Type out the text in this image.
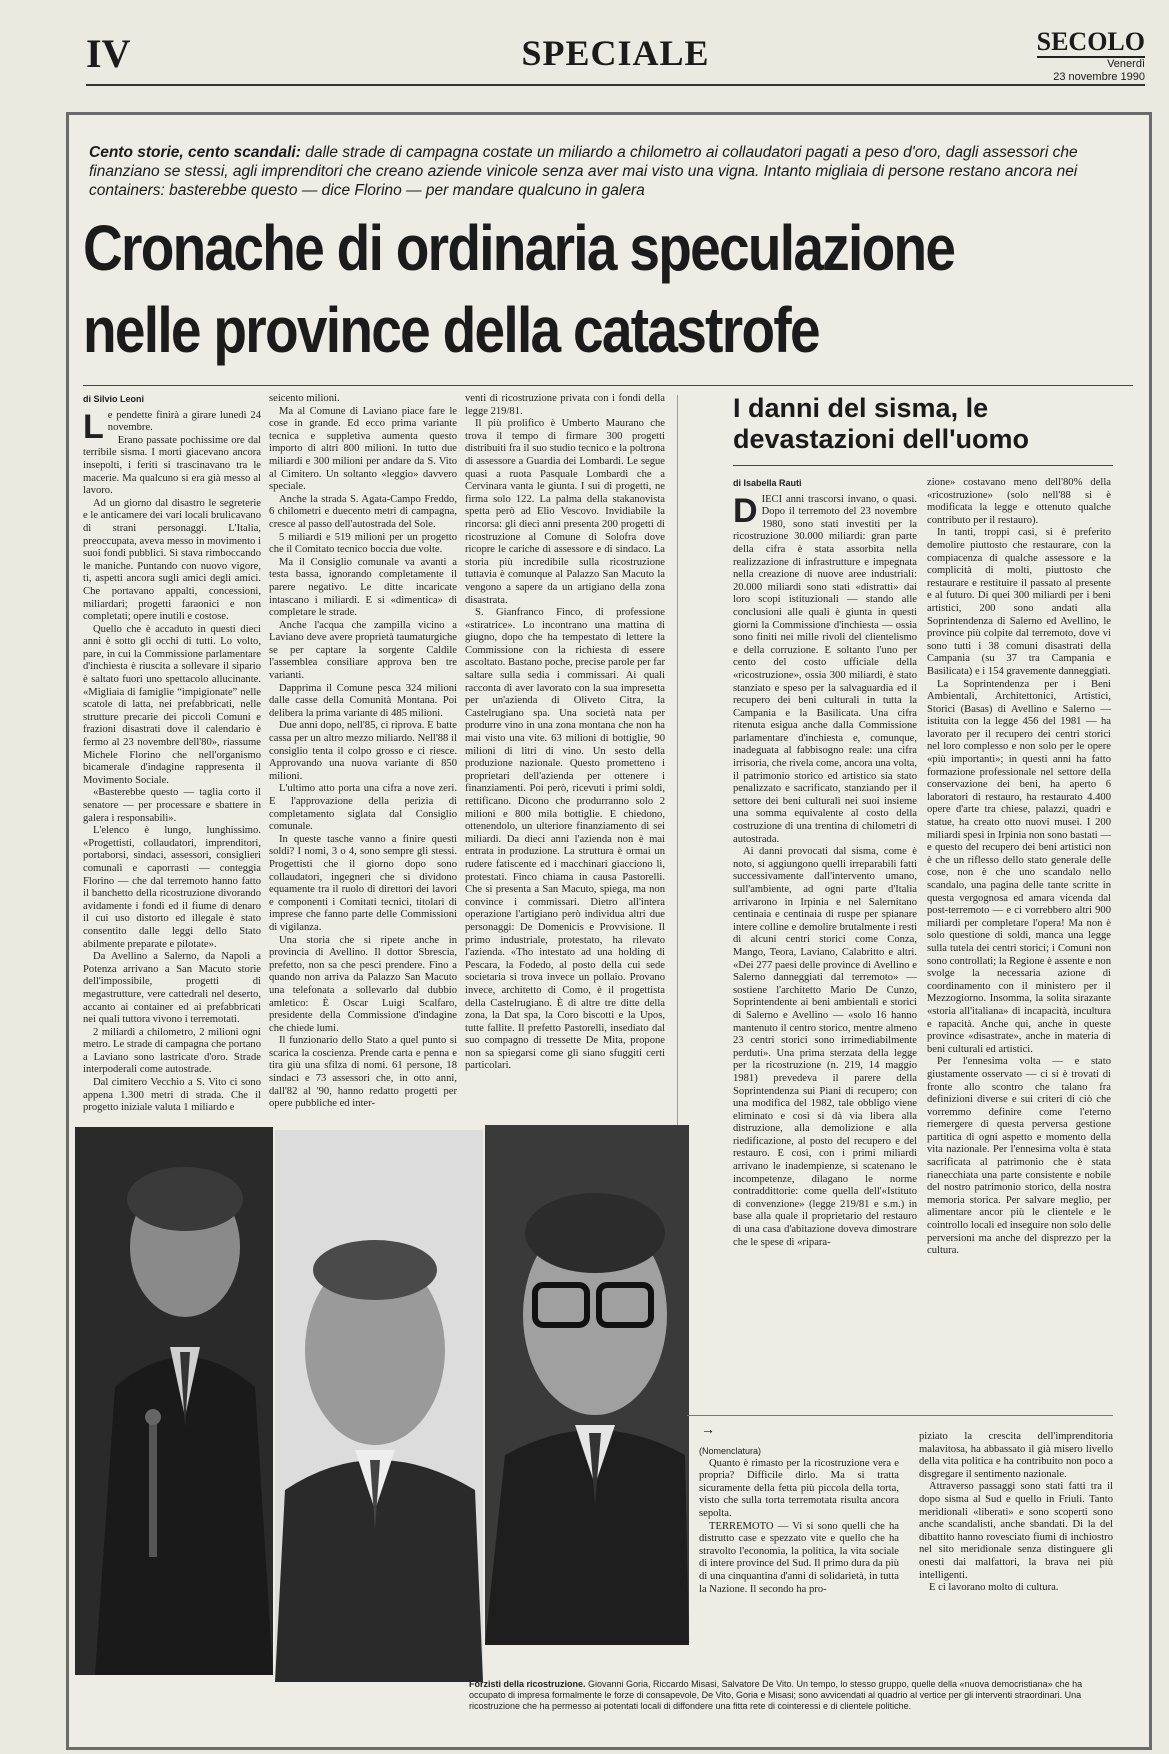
IV	SPECIALE	SECOLO
Venerdì
23 novembre 1990
Cento storie, cento scandali: dalle strade di campagna costate un miliardo a chilometro ai collaudatori pagati a peso d'oro, dagli assessori che finanziano se stessi, agli imprenditori che creano aziende vinicole senza aver mai visto una vigna. Intanto migliaia di persone restano ancora nei containers: basterebbe questo — dice Florino — per mandare qualcuno in galera
Cronache di ordinaria speculazione
nelle province della catastrofe
di Silvio Leoni

Le pendette finirà a girare lunedì 24 novembre.

Erano passate pochissime ore dal terribile sisma. I morti giacevano ancora insepolti, i feriti si trascinavano tra le macerie. Ma qualcuno si era già messo al lavoro.

Ad un giorno dal disastro le segreterie e le anticamere dei vari locali brulicavano di strani personaggi. L'Italia, preoccupata, aveva messo in movimento i suoi fondi pubblici. Si stava rimboccando le maniche. Puntando con nuovo vigore, ti, aspetti ancora sugli amici degli amici. Che portavano appalti, concessioni, miliardari; progetti faraonici e non completati; opere inutili e costose.

Quello che è accaduto in questi dieci anni è sotto gli occhi di tutti. Lo volto, pare, in cui la Commissione parlamentare d'inchiesta è riuscita a sollevare il sipario è saltato fuori uno spettacolo allucinante. «Migliaia di famiglie “impigionate” nelle scatole di latta, nei prefabbricati, nelle strutture precarie dei piccoli Comuni e frazioni disastrati dove il calendario è fermo al 23 novembre dell'80», riassume Michele Florino che nell'organismo bicamerale d'indagine rappresenta il Movimento Sociale.

«Basterebbe questo — taglia corto il senatore — per processare e sbattere in galera i responsabili».

L'elenco è lungo, lunghissimo. «Progettisti, collaudatori, imprenditori, portaborsi, sindaci, assessori, consiglieri comunali e caporrasti — conteggia Florino — che dal terremoto hanno fatto il banchetto della ricostruzione divorando avidamente i fondi ed il fiume di denaro il cui uso distorto ed illegale è stato consentito dalle leggi dello Stato abilmente preparate e pilotate».

Da Avellino a Salerno, da Napoli a Potenza arrivano a San Macuto storie dell'impossibile, progetti di megastrutture, vere cattedrali nel deserto, accanto ai container ed ai prefabbricati nei quali tuttora vivono i terremotati.

2 miliardi a chilometro, 2 milioni ogni metro. Le strade di campagna che portano a Laviano sono lastricate d'oro. Strade interpoderali come autostrade.

Dal cimitero Vecchio a S. Vito ci sono appena 1.300 metri di strada. Che il progetto iniziale valuta 1 miliardo e

seicento milioni.

Ma al Comune di Laviano piace fare le cose in grande. Ed ecco prima variante tecnica e suppletiva aumenta questo importo di altri 800 milioni. In tutto due miliardi e 300 milioni per andare da S. Vito al Cimitero. Un soltanto «leggio» davvero speciale.

Anche la strada S. Agata-Campo Freddo, 6 chilometri e duecento metri di campagna, cresce al passo dell'autostrada del Sole.

5 miliardi e 519 milioni per un progetto che il Comitato tecnico boccia due volte.

Ma il Consiglio comunale va avanti a testa bassa, ignorando completamente il parere negativo. Le ditte incaricate intascano i miliardi. E si «dimentica» di completare le strade.

Anche l'acqua che zampilla vicino a Laviano deve avere proprietà taumaturgiche se per captare la sorgente Caldile l'assemblea consiliare approva ben tre varianti.

Dapprima il Comune pesca 324 milioni dalle casse della Comunità Montana. Poi delibera la prima variante di 485 milioni.

Due anni dopo, nell'85, ci riprova. E batte cassa per un altro mezzo miliardo. Nell'88 il consiglio tenta il colpo grosso e ci riesce. Approvando una nuova variante di 850 milioni.

L'ultimo atto porta una cifra a nove zeri. E l'approvazione della perizia di completamento siglata dal Consiglio comunale.

In queste tasche vanno a finire questi soldi? I nomi, 3 o 4, sono sempre gli stessi. Progettisti che il giorno dopo sono collaudatori, ingegneri che si dividono equamente tra il ruolo di direttori dei lavori e componenti i Comitati tecnici, titolari di imprese che fanno parte delle Commissioni di vigilanza.

Una storia che si ripete anche in provincia di Avellino. Il dottor Sbrescia, prefetto, non sa che pesci prendere. Fino a quando non arriva da Palazzo San Macuto una telefonata a sollevarlo dal dubbio amletico: È Oscar Luigi Scalfaro, presidente della Commissione d'indagine che chiede lumi.

Il funzionario dello Stato a quel punto si scarica la coscienza. Prende carta e penna e tira giù una sfilza di nomi. 61 persone, 18 sindaci e 73 assessori che, in otto anni, dall'82 al '90, hanno redatto progetti per opere pubbliche ed inter-

venti di ricostruzione privata con i fondi della legge 219/81.

Il più prolifico è Umberto Maurano che trova il tempo di firmare 300 progetti distribuiti fra il suo studio tecnico e la poltrona di assessore a Guardia dei Lombardi. Le segue quasi a ruota Pasquale Lombardi che a Cervinara vanta le giunta. I sui di progetti, ne firma solo 122. La palma della stakanovista spetta però ad Elio Vescovo. Invidiabile la rincorsa: gli dieci anni presenta 200 progetti di ricostruzione al Comune di Solofra dove ricopre le cariche di assessore e di sindaco. La storia più incredibile sulla ricostruzione tuttavia è comunque al Palazzo San Macuto la vengono a sapere da un artigiano della zona disastrata.

S. Gianfranco Finco, di professione «stiratrice». Lo incontrano una mattina di giugno, dopo che ha tempestato di lettere la Commissione con la richiesta di essere ascoltato. Bastano poche, precise parole per far saltare sulla sedia i commissari. Ai quali racconta di aver lavorato con la sua impresetta per un'azienda di Oliveto Citra, la Castelrugiano spa. Una società nata per produrre vino in una zona montana che non ha mai visto una vite. 63 milioni di bottiglie, 90 milioni di litri di vino. Un sesto della produzione nazionale. Questo prometteno i proprietari dell'azienda per ottenere i finanziamenti. Poi però, ricevuti i primi soldi, rettificano. Dicono che produrranno solo 2 milioni e 800 mila bottiglie. E chiedono, ottenendolo, un ulteriore finanziamento di sei miliardi. Da dieci anni l'azienda non è mai entrata in produzione. La struttura è ormai un rudere fatiscente ed i macchinari giacciono lì, protestati. Finco chiama in causa Pastorelli. Che si presenta a San Macuto, spiega, ma non convince i commissari. Dietro all'intera operazione l'artigiano però individua altri due personaggi: De Domenicis e Provvisione. Il primo industriale, protestato, ha rilevato l'azienda. «Tho intestato ad una holding di Pescara, la Fodedo, al posto della cui sede societaria si trova invece un pollaio. Provano invece, architetto di Como, è il progettista della Castelrugiano. È di altre tre ditte della zona, la Dat spa, la Coro biscotti e la Upos, tutte fallite. Il prefetto Pastorelli, insediato dal suo compagno di tressette De Mita, propone non sa spiegarsi come gli siano sfuggiti certi particolari.

I danni del sisma, le devastazioni dell'uomo
di Isabella Rauti

DIECI anni trascorsi invano, o quasi. Dopo il terremoto del 23 novembre 1980, sono stati investiti per la ricostruzione 30.000 miliardi: gran parte della cifra è stata assorbita nella realizzazione di infrastrutture e impegnata nella creazione di nuove aree industriali: 20.000 miliardi sono stati «distratti» dai loro scopi istituzionali — stando alle conclusioni alle quali è giunta in questi giorni la Commissione d'inchiesta — ossia sono finiti nei mille rivoli del clientelismo e della corruzione. E soltanto l'uno per cento del costo ufficiale della «ricostruzione», ossia 300 miliardi, è stato stanziato e speso per la salvaguardia ed il recupero dei beni culturali in tutta la Campania e la Basilicata. Una cifra ritenuta esigua anche dalla Commissione parlamentare d'inchiesta e, comunque, inadeguata al fabbisogno reale: una cifra irrisoria, che rivela come, ancora una volta, il patrimonio storico ed artistico sia stato penalizzato e sacrificato, stanziando per il settore dei beni culturali nei suoi insieme una somma equivalente al costo della costruzione di una trentina di chilometri di autostrada.

Ai danni provocati dal sisma, come è noto, si aggiungono quelli irreparabili fatti successivamente dall'intervento umano, sull'ambiente, ad ogni parte d'Italia arrivarono in Irpinia e nel Salernitano centinaia e centinaia di ruspe per spianare intere colline e demolire brutalmente i resti di alcuni centri storici come Conza, Mango, Teora, Laviano, Calabritto e altri. «Dei 277 paesi delle province di Avellino e Salerno danneggiati dal terremoto» — sostiene l'architetto Mario De Cunzo, Soprintendente ai beni ambientali e storici di Salerno e Avellino — «solo 16 hanno mantenuto il centro storico, mentre almeno 23 centri storici sono irrimediabilmente perduti». Una prima sterzata della legge per la ricostruzione (n. 219, 14 maggio 1981) prevedeva il parere della Soprintendenza sui Piani di recupero; con una modifica del 1982, tale obbligo viene eliminato e così si dà via libera alla distruzione, alla demolizione e alla riedificazione, al posto del recupero e del restauro. E così, con i primi miliardi arrivano le inadempienze, si scatenano le incompetenze, dilagano le norme contraddittorie: come quella dell'«Istituto di convenzione» (legge 219/81 e s.m.) in base alla quale il proprietario del restauro di una casa d'abitazione doveva dimostrare che le spese di «ripara-

zione» costavano meno dell'80% della «ricostruzione» (solo nell'88 si è modificata la legge e ottenuto qualche contributo per il restauro).

In tanti, troppi casi, si è preferito demolire piuttosto che restaurare, con la compiacenza di qualche assessore e la complicità di molti, piuttosto che restaurare e restituire il passato al presente e al futuro. Di quei 300 miliardi per i beni artistici, 200 sono andati alla Soprintendenza di Salerno ed Avellino, le province più colpite dal terremoto, dove vi sono tutti i 38 comuni disastrati della Campania (su 37 tra Campania e Basilicata) e i 154 gravemente danneggiati.

La Soprintendenza per i Beni Ambientali, Architettonici, Artistici, Storici (Basas) di Avellino e Salerno — istituita con la legge 456 del 1981 — ha lavorato per il recupero dei centri storici nel loro complesso e non solo per le opere «più importanti»; in questi anni ha fatto formazione professionale nel settore della conservazione dei beni, ha aperto 6 laboratori di restauro, ha restaurato 4.400 opere d'arte tra chiese, palazzi, quadri e statue, ha creato otto nuovi musei. I 200 miliardi spesi in Irpinia non sono bastati — e questo del recupero dei beni artistici non è che un riflesso dello stato generale delle cose, non è che uno scandalo nello scandalo, una pagina delle tante scritte in questa vergognosa ed amara vicenda dal post-terremoto — e ci vorrebbero altri 900 miliardi per completare l'opera! Ma non è solo questione di soldi, manca una legge sulla tutela dei centri storici; i Comuni non sono controllati; la Regione è assente e non svolge la necessaria azione di coordinamento con il ministero per il Mezzogiorno. Insomma, la solita sirazante «storia all'italiana» di incapacità, incultura e rapacità. Anche qui, anche in queste province «disastrate», anche in materia di beni culturali ed artistici.

Per l'ennesima volta — e stato giustamente osservato — ci si è trovati di fronte allo scontro che talano fra definizioni diverse e sui criteri di ciò che vorremmo definire come l'eterno riemergere di questa perversa gestione partitica di ogni aspetto e momento della vita nazionale. Per l'ennesima volta è stata sacrificata al patrimonio che è stata rianecchiata una parte consistente e nobile del nostro patrimonio storico, della nostra memoria storica. Per salvare meglio, per alimentare ancor più le clientele e le cointrollo locali ed inseguire non solo delle perversioni ma anche del disprezzo per la cultura.

Forzisti della ricostruzione. Giovanni Goria, Riccardo Misasi, Salvatore De Vito. Un tempo, lo stesso gruppo, quelle della «nuova democristiana» che ha occupato di impresa formalmente le forze di consapevole, De Vito, Goria e Misasi; sono avvicendati al quadrio al vertice per gli interventi straordinari. Una ricostruzione che ha permesso ai potentati locali di diffondere una fitta rete di cointeressi e di clientele politiche.
→

(Nomenclatura)

Quanto è rimasto per la ricostruzione vera e propria? Difficile dirlo. Ma si tratta sicuramente della fetta più piccola della torta, visto che sulla torta terremotata risulta ancora sepolta.

TERREMOTO — Vi si sono quelli che ha distrutto case e spezzato vite e quello che ha stravolto l'economia, la politica, la vita sociale di intere province del Sud. Il primo dura da più di una cinquantina d'anni di solidarietà, in tutta la Nazione. Il secondo ha pro-

piziato la crescita dell'imprenditoria malavitosa, ha abbassato il già misero livello della vita politica e ha contribuito non poco a disgregare il sentimento nazionale.

Attraverso passaggi sono stati fatti tra il dopo sisma al Sud e quello in Friuli. Tanto meridionali «liberati» e sono scoperti sono anche scandalisti, anche sbandati. Di la del dibattito hanno rovesciato fiumi di inchiostro nel sito meridionale senza distinguere gli onesti dai malfattori, la brava nei più intelligenti.

E ci lavorano molto di cultura.
